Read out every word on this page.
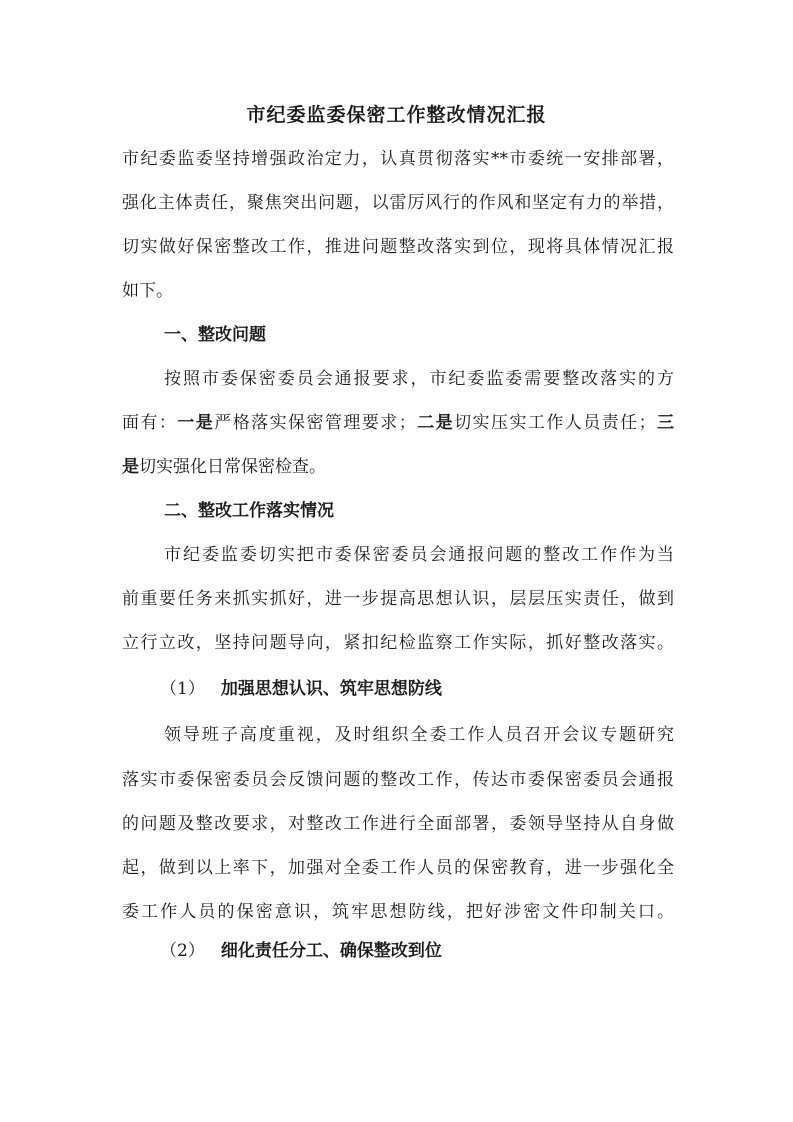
市纪委监委保密工作整改情况汇报
市纪委监委坚持增强政治定力，认真贯彻落实**市委统一安排部署，
强化主体责任，聚焦突出问题，以雷厉风行的作风和坚定有力的举措，
切实做好保密整改工作，推进问题整改落实到位，现将具体情况汇报
如下。
一、整改问题
按照市委保密委员会通报要求，市纪委监委需要整改落实的方
面有：一是严格落实保密管理要求；二是切实压实工作人员责任；三
是切实强化日常保密检查。
二、整改工作落实情况
市纪委监委切实把市委保密委员会通报问题的整改工作作为当
前重要任务来抓实抓好，进一步提高思想认识，层层压实责任，做到
立行立改，坚持问题导向，紧扣纪检监察工作实际，抓好整改落实。
（1） 加强思想认识、筑牢思想防线
领导班子高度重视，及时组织全委工作人员召开会议专题研究
落实市委保密委员会反馈问题的整改工作，传达市委保密委员会通报
的问题及整改要求，对整改工作进行全面部署，委领导坚持从自身做
起，做到以上率下，加强对全委工作人员的保密教育，进一步强化全
委工作人员的保密意识，筑牢思想防线，把好涉密文件印制关口。
（2） 细化责任分工、确保整改到位
